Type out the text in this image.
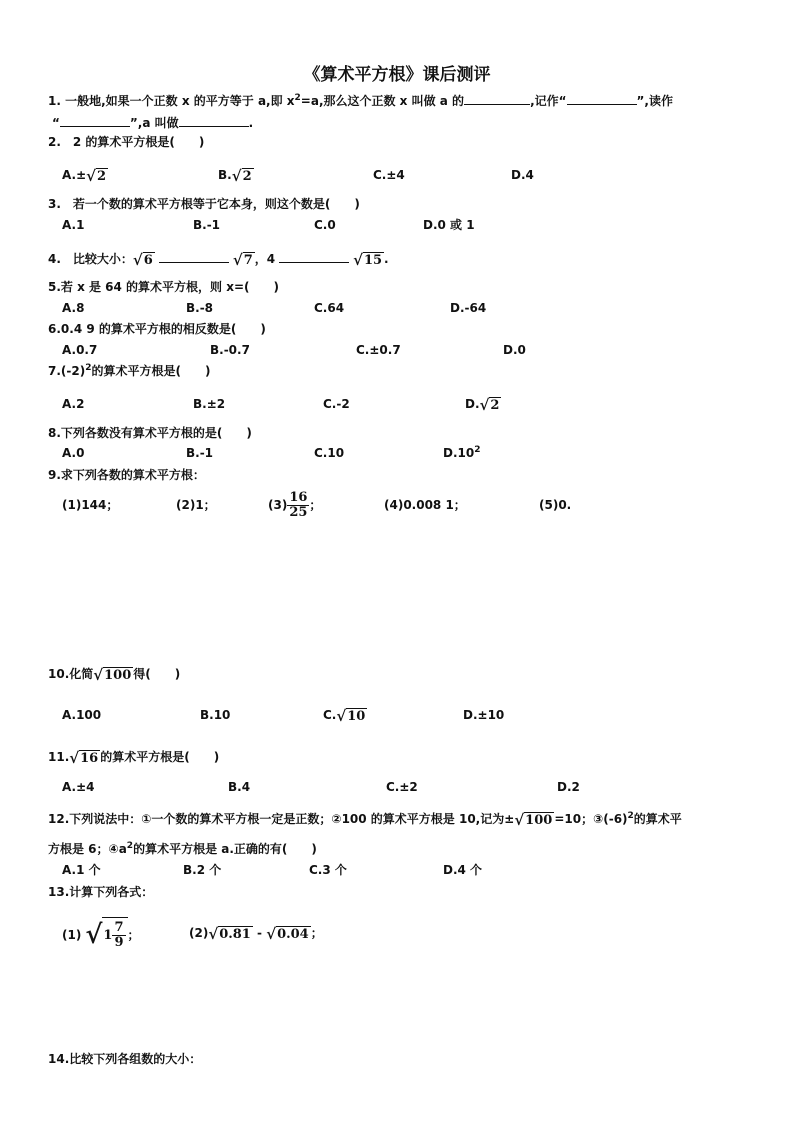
《算术平方根》课后测评
1. 一般地,如果一个正数 x 的平方等于 a,即 $x^2=a$,那么这个正数 x 叫做 a 的	,记作“	”,读作
“	”,a 叫做	.
2.　2 的算术平方根是(　　)
A.± √ 2	B. √ 2	C.±4	D.4
3.　若一个数的算术平方根等于它本身，则这个数是(　　)
A.1	B.-1	C.0	D.0 或 1
4.　比较大小： √ 6	√ 7 ，4	√ 15 .
5.若 x 是 64 的算术平方根，则 x=(　　)
A.8	B.-8	C.64	D.-64
6.0.4 9 的算术平方根的相反数是(　　)
A.0.7	B.-0.7	C.±0.7	D.0
$7.(-2)^2$的算术平方根是(　　)
A.2	B.±2	C.-2	D. √ 2
8.下列各数没有算术平方根的是(　　)
A.0	B.-1	C.10	$D.10^2$
9.求下列各数的算术平方根：
(1)144；	(2)1；	$(3) \frac{16}{25}$ ；	(4)0.008 1；	(5)0.
10.化简 √ 100 得(　　)
A.100	B.10	C. √ 10	D.±10
11. √ 16 的算术平方根是(　　)
A.±4	B.4	C.±2	D.2
12.下列说法中：①一个数的算术平方根一定是正数；②100 的算术平方根是 10,记为± √ 100 =10；$③(-6)^2$的算术平
方根是 6；$④a^2$的算术平方根是 a.正确的有(　　)
A.1 个	B.2 个	C.3 个	D.4 个
13.计算下列各式：
(1) √ $1 \frac{7}{9}$ ；	(2) √ 0.81 - √ 0.04 ；
14.比较下列各组数的大小：
